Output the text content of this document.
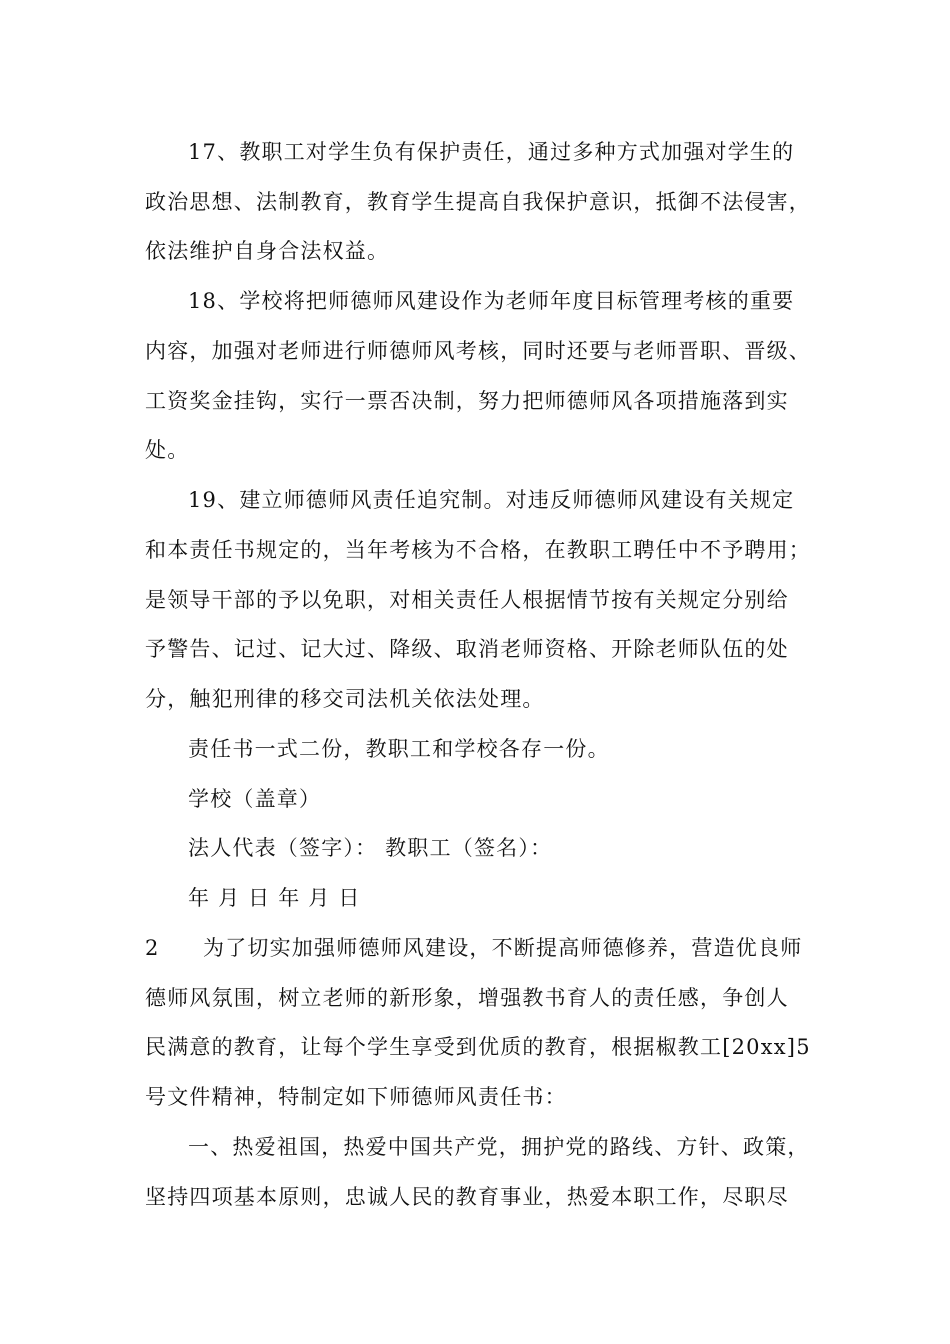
17、教职工对学生负有保护责任，通过多种方式加强对学生的
政治思想、法制教育，教育学生提高自我保护意识，抵御不法侵害，
依法维护自身合法权益。
18、学校将把师德师风建设作为老师年度目标管理考核的重要
内容，加强对老师进行师德师风考核，同时还要与老师晋职、晋级、
工资奖金挂钩，实行一票否决制，努力把师德师风各项措施落到实
处。
19、建立师德师风责任追究制。对违反师德师风建设有关规定
和本责任书规定的，当年考核为不合格，在教职工聘任中不予聘用；
是领导干部的予以免职，对相关责任人根据情节按有关规定分别给
予警告、记过、记大过、降级、取消老师资格、开除老师队伍的处
分，触犯刑律的移交司法机关依法处理。
责任书一式二份，教职工和学校各存一份。
学校（盖章）
法人代表（签字）： 教职工（签名）：
年 月 日 年 月 日
2 为了切实加强师德师风建设，不断提高师德修养，营造优良师
德师风氛围，树立老师的新形象，增强教书育人的责任感，争创人
民满意的教育，让每个学生享受到优质的教育，根据椒教工[20xx]5
号文件精神，特制定如下师德师风责任书：
一、热爱祖国，热爱中国共产党，拥护党的路线、方针、政策，
坚持四项基本原则，忠诚人民的教育事业，热爱本职工作，尽职尽
